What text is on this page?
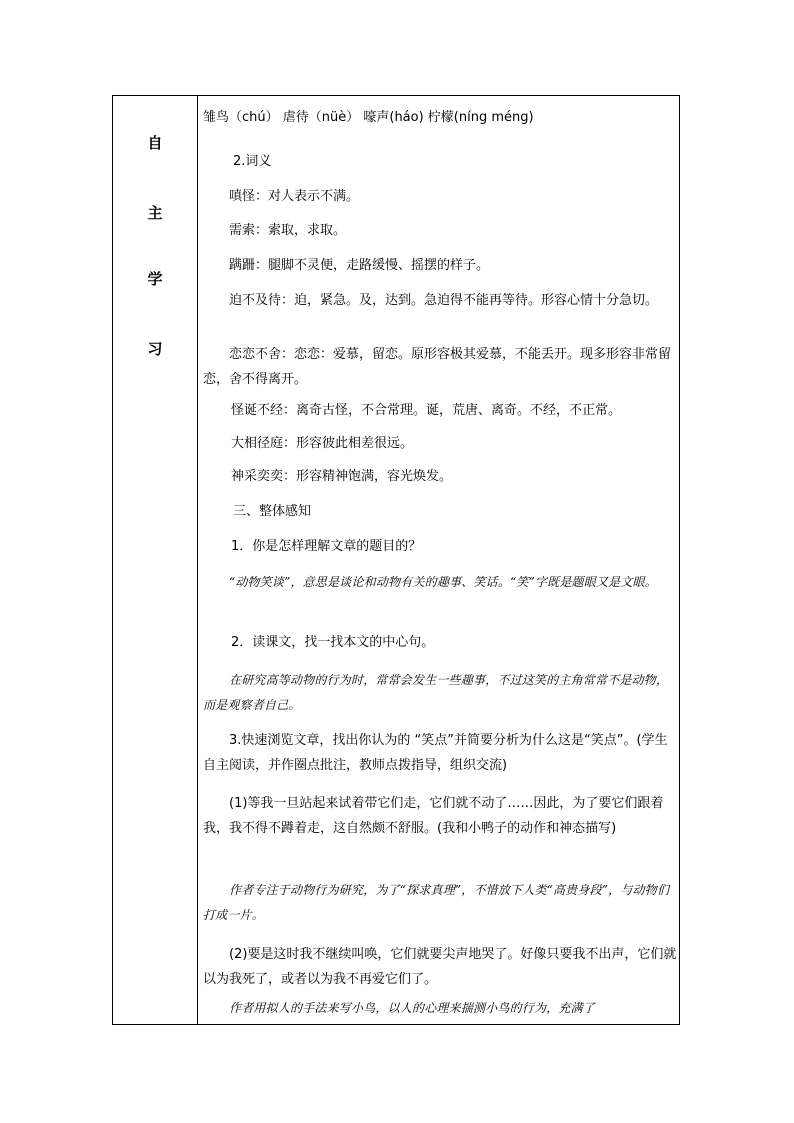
自
主
学
习
雏鸟（chú） 虐待（nüè） 嚎声(háo) 柠檬(níng méng)
2.词义
嗔怪：对人表示不满。
需索：索取，求取。
蹒跚：腿脚不灵便，走路缓慢、摇摆的样子。
迫不及待：迫，紧急。及，达到。急迫得不能再等待。形容心情十分急切。
恋恋不舍：恋恋：爱慕，留恋。原形容极其爱慕，不能丢开。现多形容非常留恋，舍不得离开。
怪诞不经：离奇古怪，不合常理。诞，荒唐、离奇。不经，不正常。
大相径庭：形容彼此相差很远。
神采奕奕：形容精神饱满，容光焕发。
三、整体感知
1．你是怎样理解文章的题目的？
“动物笑谈”，意思是谈论和动物有关的趣事、笑话。“笑”字既是题眼又是文眼。
2．读课文，找一找本文的中心句。
在研究高等动物的行为时，常常会发生一些趣事，不过这笑的主角常常不是动物，而是观察者自己。
3.快速浏览文章，找出你认为的 “笑点”并简要分析为什么这是“笑点”。(学生自主阅读，并作圈点批注，教师点拨指导，组织交流)
(1)等我一旦站起来试着带它们走，它们就不动了……因此，为了要它们跟着我，我不得不蹲着走，这自然颇不舒服。(我和小鸭子的动作和神态描写)
作者专注于动物行为研究，为了“探求真理”，不惜放下人类“高贵身段”，与动物们打成一片。
(2)要是这时我不继续叫唤，它们就要尖声地哭了。好像只要我不出声，它们就以为我死了，或者以为我不再爱它们了。
作者用拟人的手法来写小鸟，以人的心理来揣测小鸟的行为，充满了
